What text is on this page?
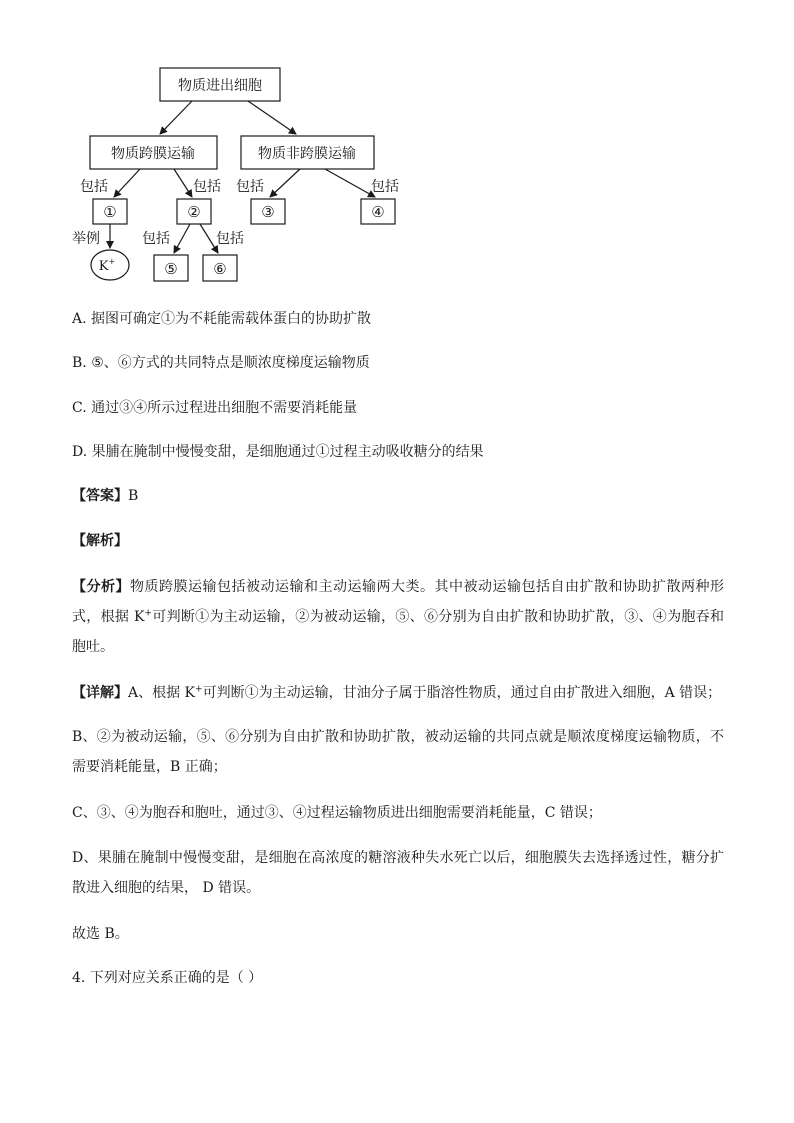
物质进出细胞
物质跨膜运输	物质非跨膜运输
①	②	③	④
⑤ ⑥
K+
包括	包括 包括	包括
举例	包括	包括
A. 据图可确定①为不耗能需载体蛋白的协助扩散
B. ⑤、⑥方式的共同特点是顺浓度梯度运输物质
C. 通过③④所示过程进出细胞不需要消耗能量
D. 果脯在腌制中慢慢变甜，是细胞通过①过程主动吸收糖分的结果
【答案】B
【解析】
【分析】物质跨膜运输包括被动运输和主动运输两大类。其中被动运输包括自由扩散和协助扩散两种形式，根据 K+可判断①为主动运输，②为被动运输，⑤、⑥分别为自由扩散和协助扩散，③、④为胞吞和胞吐。
【详解】A、根据 K+可判断①为主动运输，甘油分子属于脂溶性物质，通过自由扩散进入细胞，A 错误；
B、②为被动运输，⑤、⑥分别为自由扩散和协助扩散，被动运输的共同点就是顺浓度梯度运输物质，不需要消耗能量，B 正确；
C、③、④为胞吞和胞吐，通过③、④过程运输物质进出细胞需要消耗能量，C 错误；
D、果脯在腌制中慢慢变甜，是细胞在高浓度的糖溶液种失水死亡以后，细胞膜失去选择透过性，糖分扩散进入细胞的结果， D 错误。
故选 B。
4. 下列对应关系正确的是（ ）
